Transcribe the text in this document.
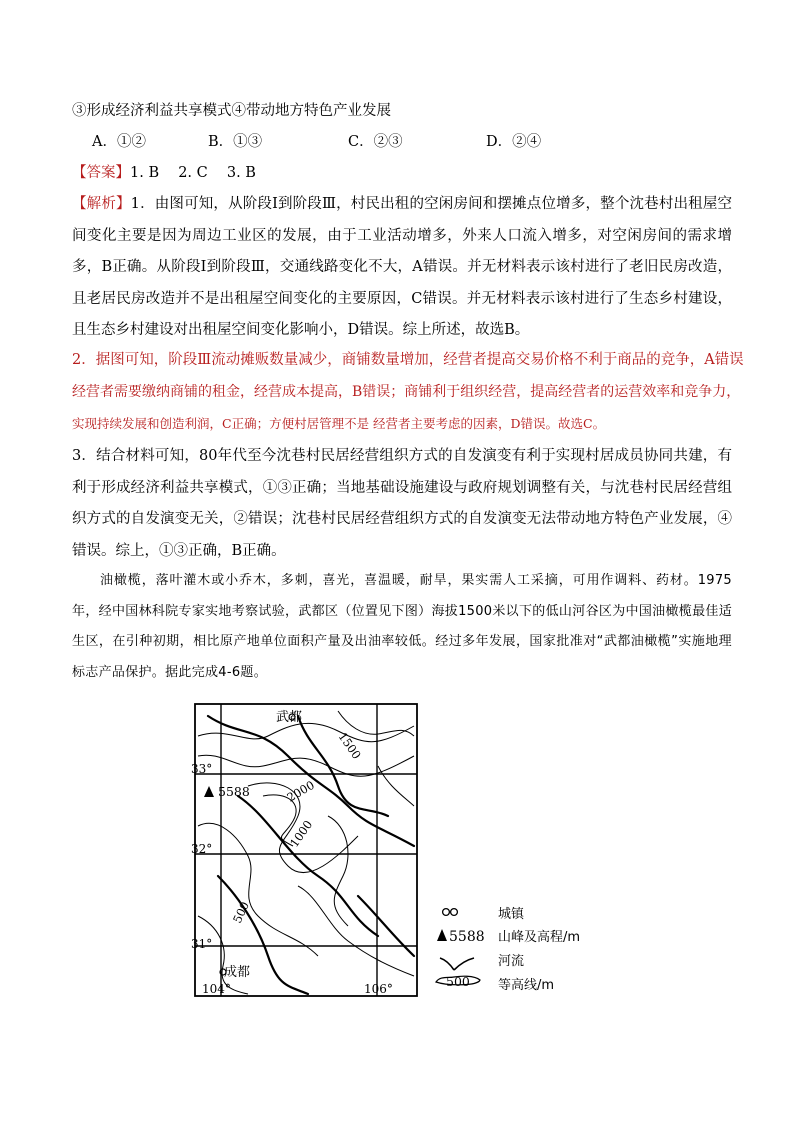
③形成经济利益共享模式④带动地方特色产业发展
A．①②	B．①③	C．②③	D．②④
【答案】1. B　 2. C　 3. B
【解析】1．由图可知，从阶段Ⅰ到阶段Ⅲ，村民出租的空闲房间和摆摊点位增多，整个沈巷村出租屋空间变化主要是因为周边工业区的发展，由于工业活动增多，外来人口流入增多，对空闲房间的需求增多，B正确。从阶段Ⅰ到阶段Ⅲ，交通线路变化不大，A错误。并无材料表示该村进行了老旧民房改造，且老居民房改造并不是出租屋空间变化的主要原因，C错误。并无材料表示该村进行了生态乡村建设，且生态乡村建设对出租屋空间变化影响小，D错误。综上所述，故选B。
2．据图可知，阶段Ⅲ流动摊贩数量减少，商铺数量增加，经营者提高交易价格不利于商品的竞争，A错误
经营者需要缴纳商铺的租金，经营成本提高，B错误；商铺利于组织经营，提高经营者的运营效率和竞争力，
实现持续发展和创造利润，C正确；方便村居管理不是 经营者主要考虑的因素，D错误。故选C。
3．结合材料可知，80年代至今沈巷村民居经营组织方式的自发演变有利于实现村居成员协同共建，有利于形成经济利益共享模式，①③正确；当地基础设施建设与政府规划调整有关，与沈巷村民居经营组织方式的自发演变无关，②错误；沈巷村民居经营组织方式的自发演变无法带动地方特色产业发展，④错误。综上，①③正确，B正确。
油橄榄，落叶灌木或小乔木，多刺，喜光，喜温暖，耐旱，果实需人工采摘，可用作调料、药材。1975年，经中国林科院专家实地考察试验，武都区（位置见下图）海拔1500米以下的低山河谷区为中国油橄榄最佳适生区，在引种初期，相比原产地单位面积产量及出油率较低。经过多年发展，国家批准对“武都油橄榄”实施地理标志产品保护。据此完成4-6题。
武都
成都
5588
1500
2000
1000
500
33°
32°
31°
104°	106°
5588
500
城镇
山峰及高程/m
河流
等高线/m
